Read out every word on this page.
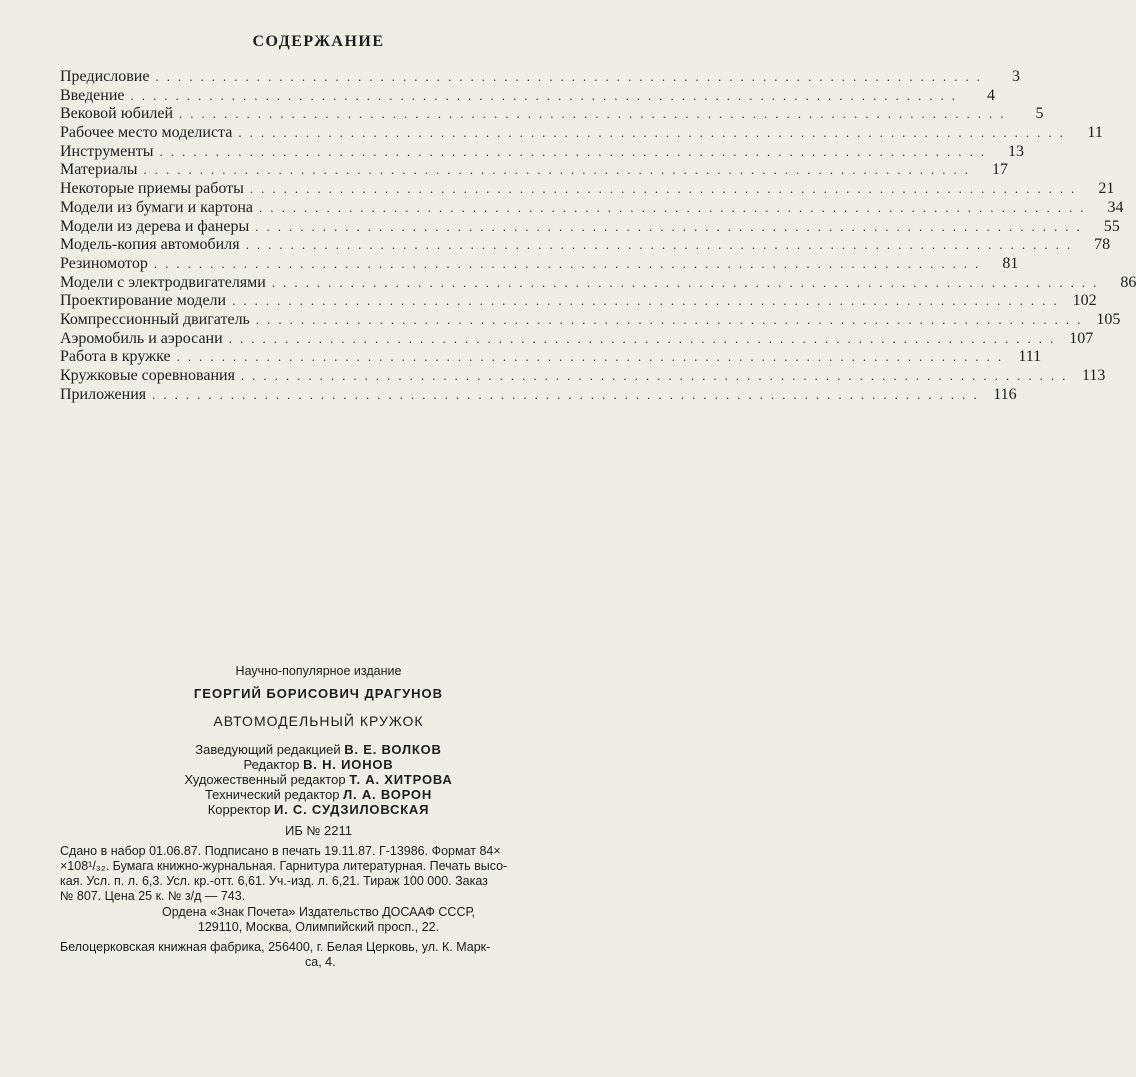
СОДЕРЖАНИЕ
Предисловие ..........................................................................	3
Введение ..........................................................................	4
Вековой юбилей ..........................................................................	5
Рабочее место моделиста ..........................................................................	11
Инструменты ..........................................................................	13
Материалы ..........................................................................	17
Некоторые приемы работы ..........................................................................	21
Модели из бумаги и картона ..........................................................................	34
Модели из дерева и фанеры ..........................................................................	55
Модель-копия автомобиля ..........................................................................	78
Резиномотор ..........................................................................	81
Модели с электродвигателями ..........................................................................	86
Проектирование модели .......................................................................... 102
Компрессионный двигатель .......................................................................... 105
Аэромобиль и аэросани .......................................................................... 107
Работа в кружке .......................................................................... 111
Кружковые соревнования .......................................................................... 113
Приложения .......................................................................... 116
Научно-популярное издание
ГЕОРГИЙ БОРИСОВИЧ ДРАГУНОВ
АВТОМОДЕЛЬНЫЙ КРУЖОК
Заведующий редакцией В. Е. ВОЛКОВ
Редактор В. Н. ИОНОВ
Художественный редактор Т. А. ХИТРОВА
Технический редактор Л. А. ВОРОН
Корректор И. С. СУДЗИЛОВСКАЯ
ИБ № 2211
Сдано в набор 01.06.87. Подписано в печать 19.11.87. Г-13986. Формат 84×
×108¹/₃₂. Бумага книжно-журнальная. Гарнитура литературная. Печать высо-
кая. Усл. п. л. 6,3. Усл. кр.-отт. 6,61. Уч.-изд. л. 6,21. Тираж 100 000. Заказ
№ 807. Цена 25 к. № з/д — 743.
Ордена «Знак Почета» Издательство ДОСААФ СССР,
129110, Москва, Олимпийский просп., 22.
Белоцерковская книжная фабрика, 256400, г. Белая Церковь, ул. К. Марк-
са, 4.
